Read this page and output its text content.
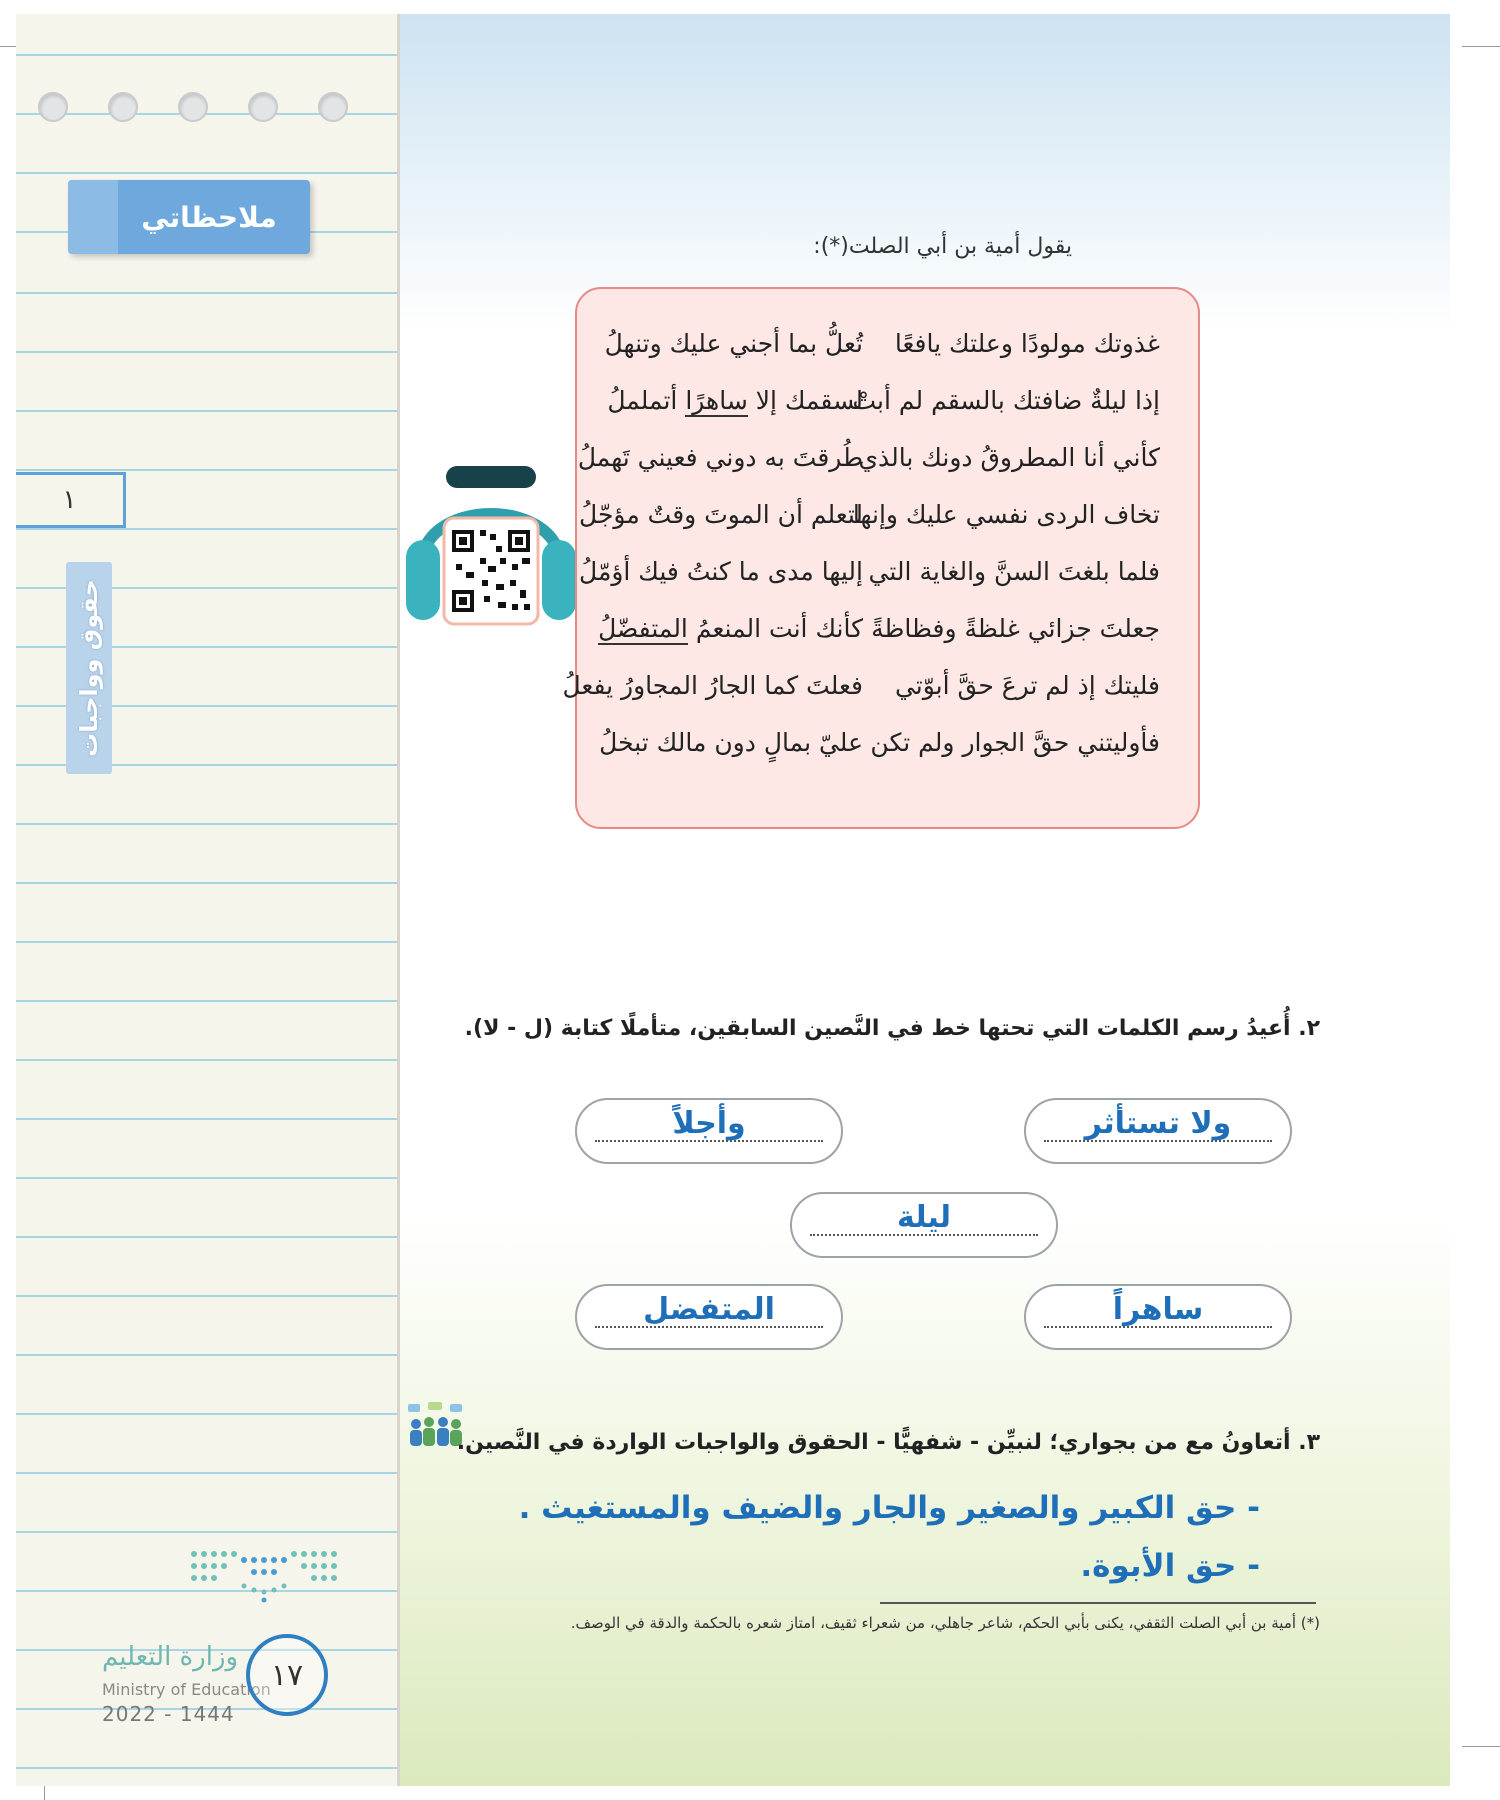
ملاحظاتي
١
حقوق وواجبات
وزارة التعليم
Ministry of Education
2022 - 1444
١٧
يقول أمية بن أبي الصلت(*):
غذوتك مولودًا وعلتك يافعًا
تُعلُّ بما أجني عليك وتنهلُ
إذا ليلةٌ ضافتك بالسقم لم أبتْ
لسقمك إلا ساهرًا أتململُ
كأني أنا المطروقُ دونك بالذي
طُرقتَ به دوني فعيني تَهملُ
تخاف الردى نفسي عليك وإنها
لتعلم أن الموتَ وقتٌ مؤجّلُ
فلما بلغتَ السنَّ والغاية التي
إليها مدى ما كنتُ فيك أؤمّلُ
جعلتَ جزائي غلظةً وفظاظةً
كأنك أنت المنعمُ المتفضّلُ
فليتك إذ لم ترعَ حقَّ أبوّتي
فعلتَ كما الجارُ المجاورُ يفعلُ
فأوليتني حقَّ الجوار ولم تكن
عليّ بمالٍ دون مالك تبخلُ
٢. أُعيدُ رسم الكلمات التي تحتها خط في النَّصين السابقين، متأملًا كتابة (ل - لا).
ولا تستأثر
وأجلاً
ليلة
ساهراً
المتفضل
٣. أتعاونُ مع من بجواري؛ لنبيِّن - شفهيًّا - الحقوق والواجبات الواردة في النَّصين.
- حق الكبير والصغير والجار والضيف والمستغيث .
- حق الأبوة.
(*) أمية بن أبي الصلت الثقفي، يكنى بأبي الحكم، شاعر جاهلي، من شعراء ثقيف، امتاز شعره بالحكمة والدقة في الوصف.
